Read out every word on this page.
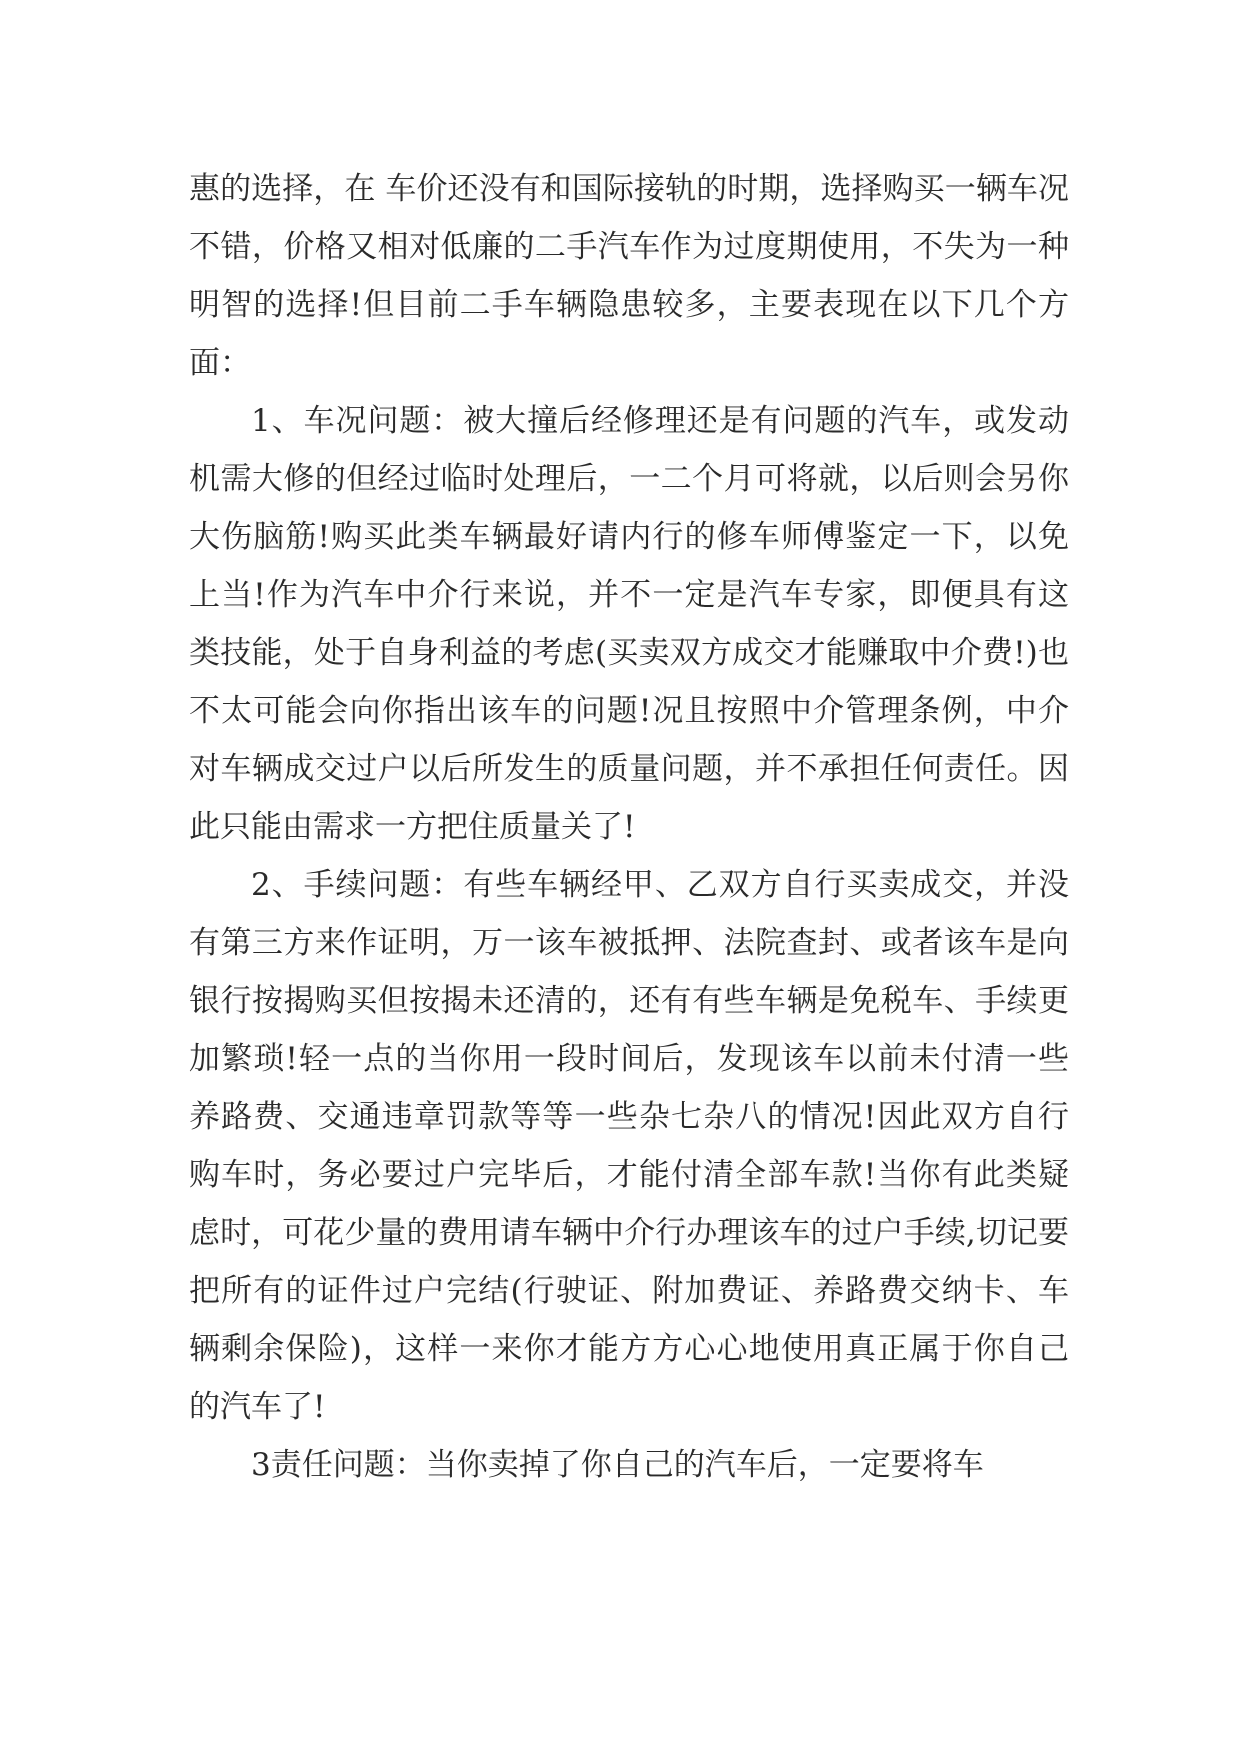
惠的选择，在 车价还没有和国际接轨的时期，选择购买一辆车况不错，价格又相对低廉的二手汽车作为过度期使用，不失为一种明智的选择!但目前二手车辆隐患较多，主要表现在以下几个方面：

1、车况问题：被大撞后经修理还是有问题的汽车，或发动机需大修的但经过临时处理后，一二个月可将就，以后则会另你大伤脑筋!购买此类车辆最好请内行的修车师傅鉴定一下，以免上当!作为汽车中介行来说，并不一定是汽车专家，即便具有这类技能，处于自身利益的考虑(买卖双方成交才能赚取中介费!)也不太可能会向你指出该车的问题!况且按照中介管理条例，中介对车辆成交过户以后所发生的质量问题，并不承担任何责任。因此只能由需求一方把住质量关了!

2、手续问题：有些车辆经甲、乙双方自行买卖成交，并没有第三方来作证明，万一该车被抵押、法院查封、或者该车是向银行按揭购买但按揭未还清的，还有有些车辆是免税车、手续更加繁琐!轻一点的当你用一段时间后，发现该车以前未付清一些养路费、交通违章罚款等等一些杂七杂八的情况!因此双方自行购车时，务必要过户完毕后，才能付清全部车款!当你有此类疑虑时，可花少量的费用请车辆中介行办理该车的过户手续,切记要把所有的证件过户完结(行驶证、附加费证、养路费交纳卡、车辆剩余保险)，这样一来你才能方方心心地使用真正属于你自己的汽车了!

3责任问题：当你卖掉了你自己的汽车后，一定要将车
